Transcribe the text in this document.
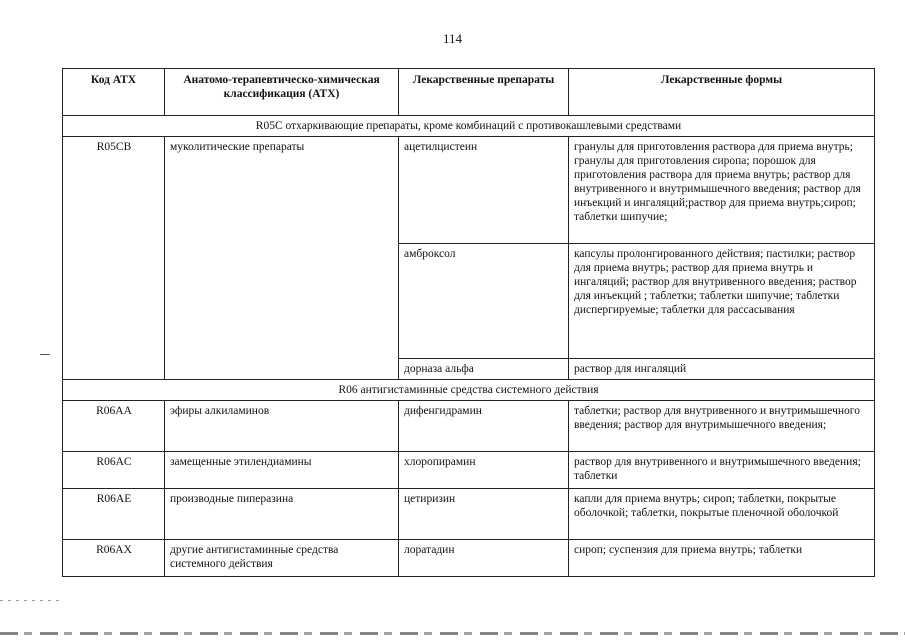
114
Код АТХ	Анатомо-терапевтическо-химическая классификация (АТХ)	Лекарственные препараты	Лекарственные формы
R05C отхаркивающие препараты, кроме комбинаций с противокашлевыми средствами			
R05CB	муколитические препараты	ацетилцистеин	гранулы для приготовления раствора для приема внутрь; гранулы для приготовления сиропа; порошок для приготовления раствора для приема внутрь; раствор для внутривенного и внутримышечного введения; раствор для инъекций и ингаляций;раствор для приема внутрь;сироп; таблетки шипучие;
		амброксол	капсулы пролонгированного действия; пастилки; раствор для приема внутрь; раствор для приема внутрь и ингаляций; раствор для внутривенного введения; раствор для инъекций ; таблетки; таблетки шипучие; таблетки диспергируемые; таблетки для рассасывания
		дорназа альфа	раствор для ингаляций
R06 антигистаминные средства системного действия			
R06AA	эфиры алкиламинов	дифенгидрамин	таблетки; раствор для внутривенного и внутримышечного введения; раствор для внутримышечного введения;
R06AC	замещенные этилендиамины	хлоропирамин	раствор для внутривенного и внутримышечного введения; таблетки
R06AE	производные пиперазина	цетиризин	капли для приема внутрь; сироп; таблетки, покрытые оболочкой; таблетки, покрытые пленочной оболочкой
R06AX	другие антигистаминные средства системного действия	лоратадин	сироп; суспензия для приема внутрь; таблетки
